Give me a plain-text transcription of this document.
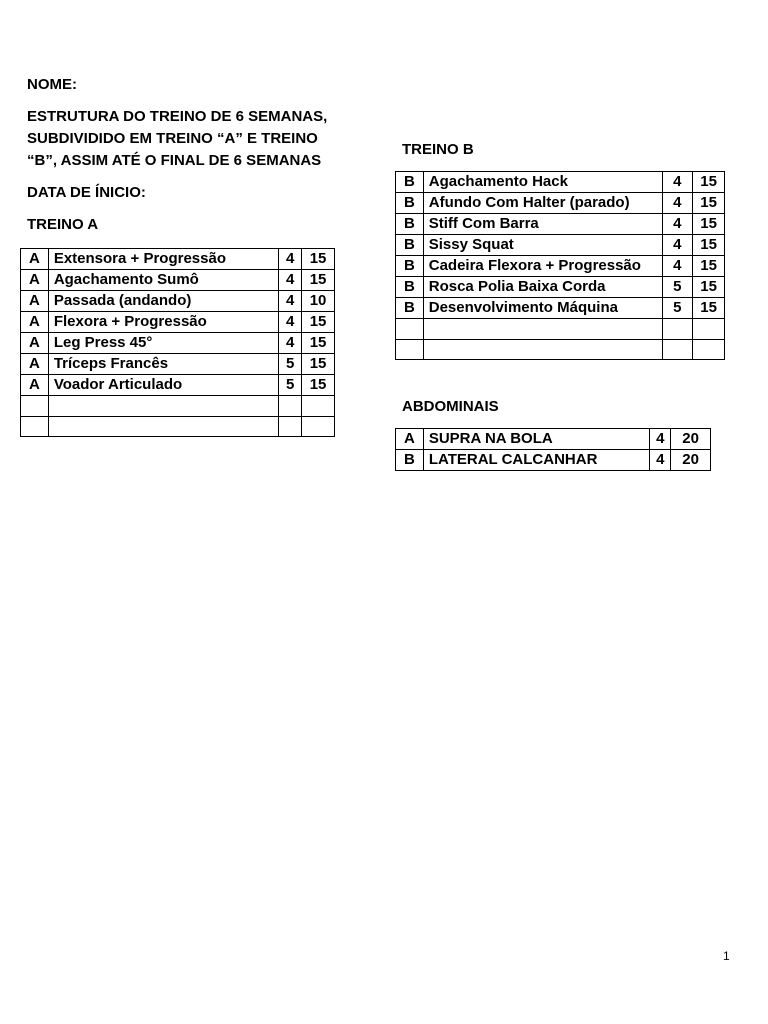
NOME:
ESTRUTURA DO TREINO DE 6 SEMANAS,
SUBDIVIDIDO EM TREINO “A” E TREINO
“B”, ASSIM ATÉ O FINAL DE 6 SEMANAS
DATA DE ÍNICIO:
TREINO A
A	Extensora + Progressão	4	15
A	Agachamento Sumô	4	15
A	Passada (andando)	4	10
A	Flexora + Progressão	4	15
A	Leg Press 45°	4	15
A	Tríceps Francês	5	15
A	Voador Articulado	5	15

TREINO B
B	Agachamento Hack	4	15
B	Afundo Com Halter (parado)	4	15
B	Stiff Com Barra	4	15
B	Sissy Squat	4	15
B	Cadeira Flexora + Progressão	4	15
B	Rosca Polia Baixa Corda	5	15
B	Desenvolvimento Máquina	5	15

ABDOMINAIS
A	SUPRA NA BOLA	4	20
B	LATERAL CALCANHAR	4	20
1
